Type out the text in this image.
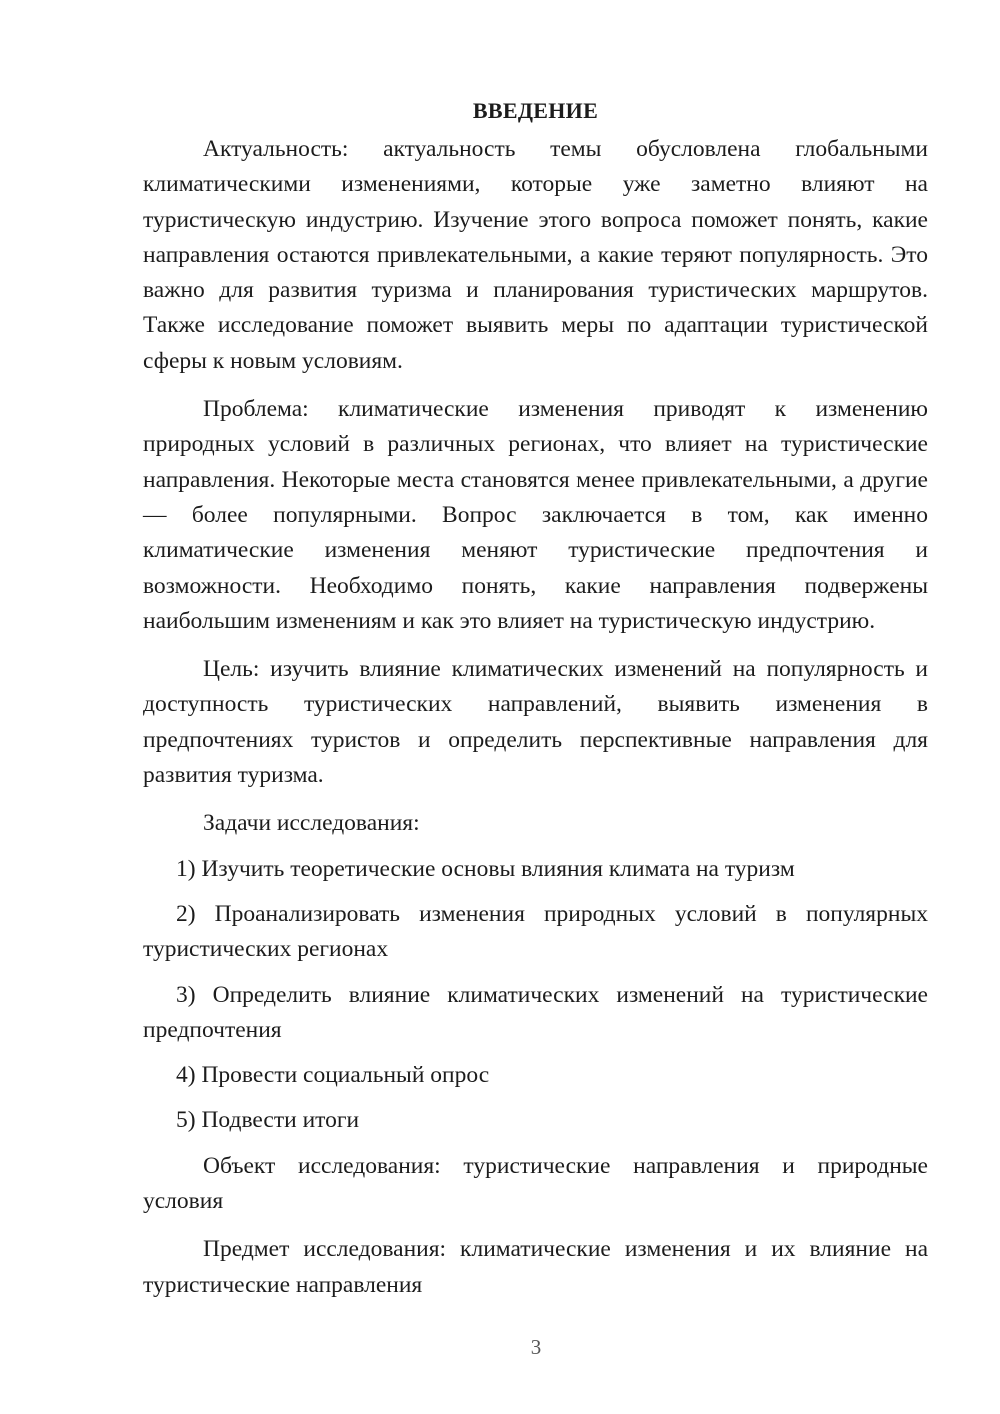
ВВЕДЕНИЕ

Актуальность: актуальность темы обусловлена глобальными климатическими изменениями, которые уже заметно влияют на туристическую индустрию. Изучение этого вопроса поможет понять, какие направления остаются привлекательными, а какие теряют популярность. Это важно для развития туризма и планирования туристических маршрутов. Также исследование поможет выявить меры по адаптации туристической сферы к новым условиям.

Проблема: климатические изменения приводят к изменению природных условий в различных регионах, что влияет на туристические направления. Некоторые места становятся менее привлекательными, а другие — более популярными. Вопрос заключается в том, как именно климатические изменения меняют туристические предпочтения и возможности. Необходимо понять, какие направления подвержены наибольшим изменениям и как это влияет на туристическую индустрию.

Цель: изучить влияние климатических изменений на популярность и доступность туристических направлений, выявить изменения в предпочтениях туристов и определить перспективные направления для развития туризма.

Задачи исследования:

1) Изучить теоретические основы влияния климата на туризм

2) Проанализировать изменения природных условий в популярных туристических регионах

3) Определить влияние климатических изменений на туристические предпочтения

4) Провести социальный опрос

5) Подвести итоги

Объект исследования: туристические направления и природные условия

Предмет исследования: климатические изменения и их влияние на туристические направления

3
